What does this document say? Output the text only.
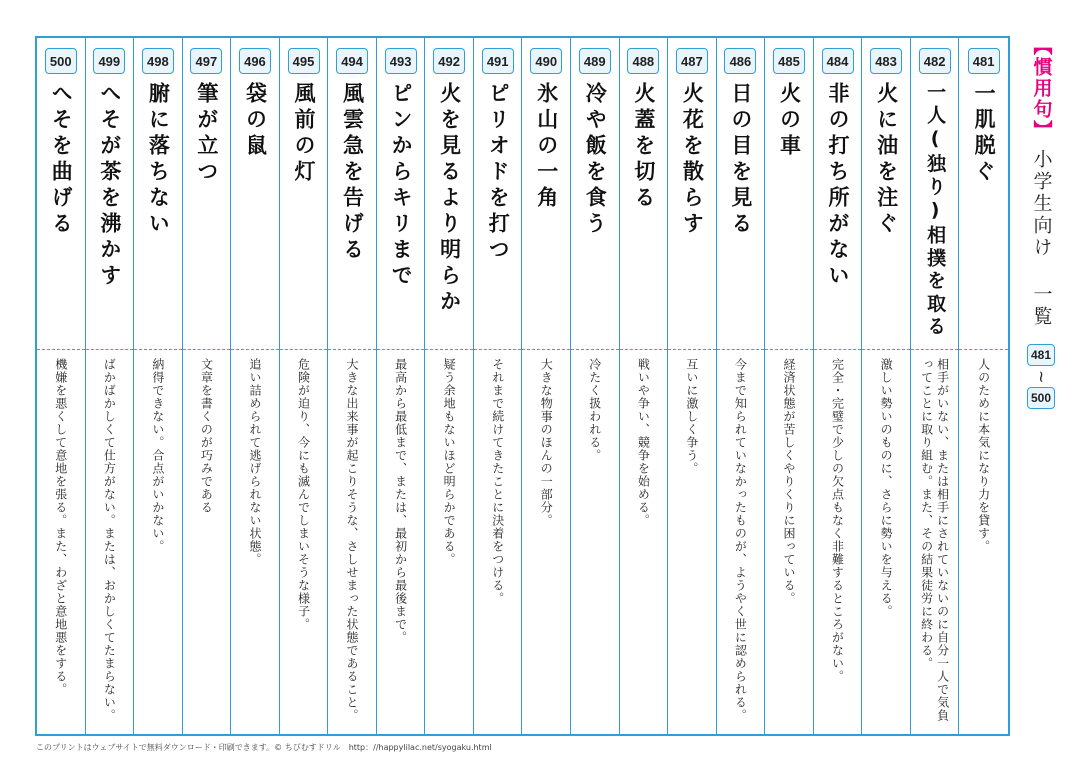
500
へそを曲げる
機嫌を悪くして意地を張る。また、わざと意地悪をする。
499
へそが茶を沸かす
ばかばかしくて仕方がない。または、おかしくてたまらない。
498
腑に落ちない
納得できない。合点がいかない。
497
筆が立つ
文章を書くのが巧みである
496
袋の鼠
追い詰められて逃げられない状態。
495
風前の灯
危険が迫り、今にも滅んでしまいそうな様子。
494
風雲急を告げる
大きな出来事が起こりそうな、さしせまった状態であること。
493
ピンからキリまで
最高から最低まで、または、最初から最後まで。
492
火を見るより明らか
疑う余地もないほど明らかである。
491
ピリオドを打つ
それまで続けてきたことに決着をつける。
490
氷山の一角
大きな物事のほんの一部分。
489
冷や飯を食う
冷たく扱われる。
488
火蓋を切る
戦いや争い、競争を始める。
487
火花を散らす
互いに激しく争う。
486
日の目を見る
今まで知られていなかったものが、ようやく世に認められる。
485
火の車
経済状態が苦しくやりくりに困っている。
484
非の打ち所がない
完全・完璧で少しの欠点もなく非難するところがない。
483
火に油を注ぐ
激しい勢いのものに、さらに勢いを与える。
482
一人(独り)相撲を取る
相手がいない、または相手にされていないのに自分一人で気負ってことに取り組む。また、その結果徒労に終わる。
481
一肌脱ぐ
人のために本気になり力を貸す。
【慣用句】
小学生向け 一覧
481
~
500
このプリントはウェブサイトで無料ダウンロード・印刷できます。© ちびむすドリル　http：//happylilac.net/syogaku.html
